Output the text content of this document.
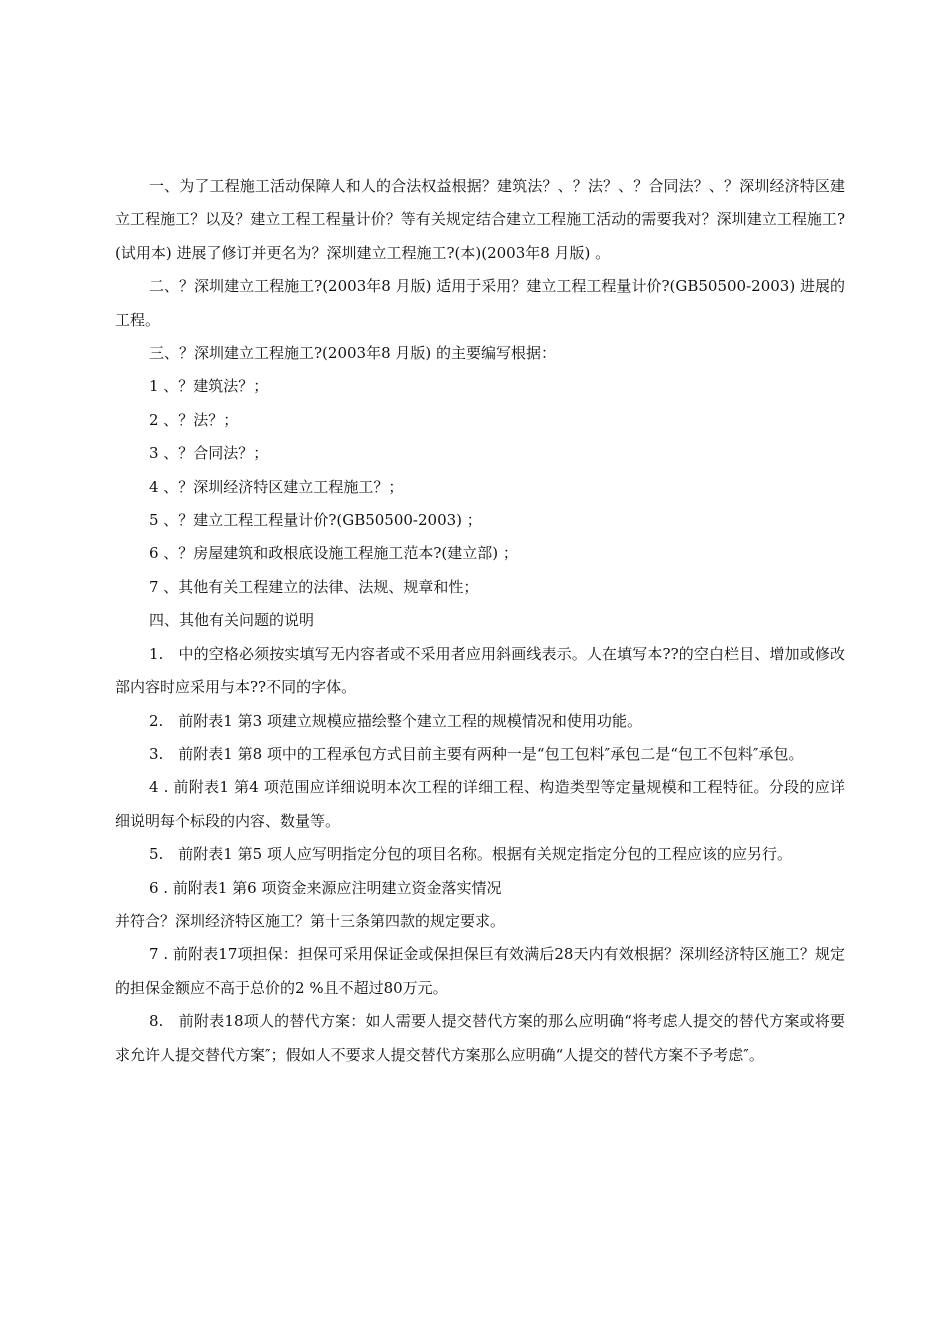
一、为了工程施工活动保障人和人的合法权益根据？建筑法？、？法？、？合同法？、？深圳经济特区建立工程施工？以及？建立工程工程量计价？等有关规定结合建立工程施工活动的需要我对？深圳建立工程施工?(试用本) 进展了修订并更名为？深圳建立工程施工?(本)(2003年8 月版) 。

二、？深圳建立工程施工?(2003年8 月版) 适用于采用？建立工程工程量计价?(GB50500-2003) 进展的工程。

三、？深圳建立工程施工?(2003年8 月版) 的主要编写根据：

1 、？建筑法？；

2 、？法？；

3 、？合同法？；

4 、？深圳经济特区建立工程施工？；

5 、？建立工程工程量计价?(GB50500-2003) ；

6 、？房屋建筑和政根底设施工程施工范本?(建立部) ；

7 、其他有关工程建立的法律、法规、规章和性；

四、其他有关问题的说明

1.　中的空格必须按实填写无内容者或不采用者应用斜画线表示。人在填写本??的空白栏目、增加或修改部内容时应采用与本??不同的字体。

2.　前附表1 第3 项建立规模应描绘整个建立工程的规模情况和使用功能。

3.　前附表1 第8 项中的工程承包方式目前主要有两种一是“包工包料″承包二是“包工不包料″承包。

4 . 前附表1 第4 项范围应详细说明本次工程的详细工程、构造类型等定量规模和工程特征。分段的应详细说明每个标段的内容、数量等。

5.　前附表1 第5 项人应写明指定分包的项目名称。根据有关规定指定分包的工程应该的应另行。

6 . 前附表1 第6 项资金来源应注明建立资金落实情况

并符合？深圳经济特区施工？第十三条第四款的规定要求。

7 . 前附表17项担保：担保可采用保证金或保担保巨有效满后28天内有效根据？深圳经济特区施工？规定的担保金额应不高于总价的2 %且不超过80万元。

8.　前附表18项人的替代方案：如人需要人提交替代方案的那么应明确“将考虑人提交的替代方案或将要求允许人提交替代方案″；假如人不要求人提交替代方案那么应明确“人提交的替代方案不予考虑″。
